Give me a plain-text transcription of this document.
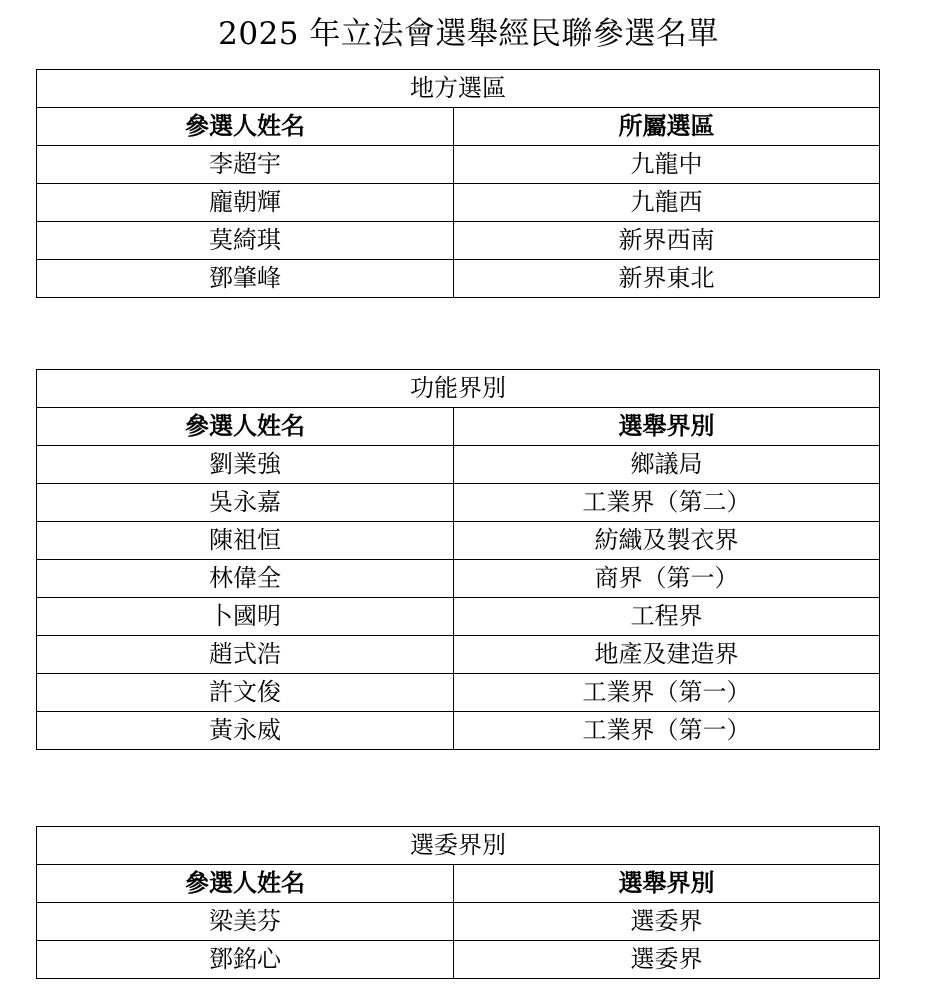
2025 年立法會選舉經民聯參選名單
地方選區	
參選人姓名	所屬選區
李超宇	九龍中
龐朝輝	九龍西
莫綺琪	新界西南
鄧肇峰	新界東北
功能界別	
參選人姓名	選舉界別
劉業強	鄉議局
吳永嘉	工業界（第二）
陳祖恒	紡織及製衣界
林偉全	商界（第一）
卜國明	工程界
趙式浩	地產及建造界
許文俊	工業界（第一）
黃永威	工業界（第一）
選委界別	
參選人姓名	選舉界別
梁美芬	選委界
鄧銘心	選委界
